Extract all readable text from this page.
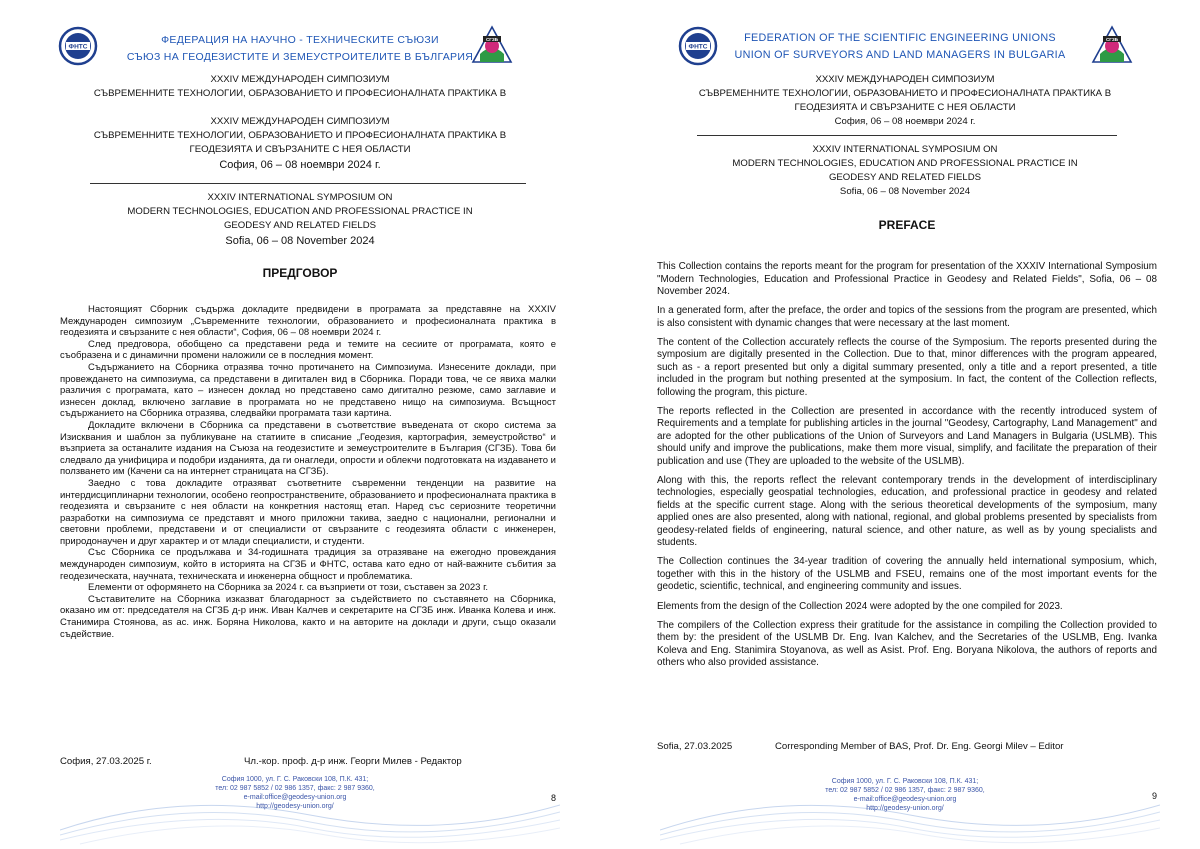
ФНТС
ФЕДЕРАЦИЯ НА НАУЧНО - ТЕХНИЧЕСКИТЕ СЪЮЗИ
СЪЮЗ НА ГЕОДЕЗИСТИТЕ И ЗЕМЕУСТРОИТЕЛИТЕ В БЪЛГАРИЯ
СГЗБ
XXXIV МЕЖДУНАРОДЕН СИМПОЗИУМ
СЪВРЕМЕННИТЕ ТЕХНОЛОГИИ, ОБРАЗОВАНИЕТО И ПРОФЕСИОНАЛНАТА ПРАКТИКА В
XXXIV МЕЖДУНАРОДЕН СИМПОЗИУМ
СЪВРЕМЕННИТЕ ТЕХНОЛОГИИ, ОБРАЗОВАНИЕТО И ПРОФЕСИОНАЛНАТА ПРАКТИКА В
ГЕОДЕЗИЯТА И СВЪРЗАНИТЕ С НЕЯ ОБЛАСТИ
София, 06 – 08 ноември 2024 г.
XXXIV INTERNATIONAL SYMPOSIUM ON
MODERN TECHNOLOGIES, EDUCATION AND PROFESSIONAL PRACTICE IN
GEODESY AND RELATED FIELDS
Sofia, 06 – 08 November 2024
ПРЕДГОВОР

Настоящият Сборник съдържа докладите предвидени в програмата за представяне на XXXIV Международен симпозиум „Съвременните технологии, образованието и професионалната практика в геодезията и свързаните с нея области“, София, 06 – 08 ноември 2024 г.

След предговора, обобщено са представени реда и темите на сесиите от програмата, която е съобразена и с динамични промени наложили се в последния момент.

Съдържанието на Сборника отразява точно протичането на Симпозиума. Изнесените доклади, при провеждането на симпозиума, са представени в дигитален вид в Сборника. Поради това, че се явиха малки различия с програмата, като – изнесен доклад но представено само дигитално резюме, само заглавие и изнесен доклад, включено заглавие в програмата но не представено нищо на симпозиума. Всъщност съдържанието на Сборника отразява, следвайки програмата тази картина.

Докладите включени в Сборника са представени в съответствие въведената от скоро система за Изисквания и шаблон за публикуване на статиите в списание „Геодезия, картография, земеустройство“ и възприета за останалите издания на Съюза на геодезистите и земеустроителите в България (СГЗБ). Това би следвало да унифицира и подобри изданията, да ги онагледи, опрости и облекчи подготовката на издаването и ползването им (Качени са на интернет страницата на СГЗБ).

Заедно с това докладите отразяват съответните съвременни тенденции на развитие на интердисциплинарни технологии, особено геопространствените, образованието и професионалната практика в геодезията и свързаните с нея области на конкретния настоящ етап. Наред със сериозните теоретични разработки на симпозиума се представят и много приложни такива, заедно с национални, регионални и световни проблеми, представени и от специалисти от свързаните с геодезията области с инженерен, природонаучен и друг характер и от млади специалисти, и студенти.

Със Сборника се продължава и 34-годишната традиция за отразяване на ежегодно провеждания международен симпозиум, който в историята на СГЗБ и ФНТС, остава като едно от най-важните събития за геодезическата, научната, техническата и инженерна общност и проблематика.

Елементи от оформянето на Сборника за 2024 г. са възприети от този, съставен за 2023 г.

Съставителите на Сборника изказват благодарност за съдействието по съставянето на Сборника, оказано им от: председателя на СГЗБ д-р инж. Иван Калчев и секретарите на СГЗБ инж. Иванка Колева и инж. Станимира Стоянова, as ас. инж. Боряна Николова, както и на авторите на доклади и други, също оказали съдействие.

София, 27.03.2025 г.	Чл.-кор. проф. д-р инж. Георги Милев - Редактор
София 1000, ул. Г. С. Раковски 108, П.К. 431;
тел: 02 987 5852 / 02 986 1357, факс: 2 987 9360,
e-mail:office@geodesy-union.org
http://geodesy-union.org/
8
ФНТС
FEDERATION OF THE SCIENTIFIC ENGINEERING UNIONS
UNION OF SURVEYORS AND LAND MANAGERS IN BULGARIA
СГЗБ
XXXIV МЕЖДУНАРОДЕН СИМПОЗИУМ
СЪВРЕМЕННИТЕ ТЕХНОЛОГИИ, ОБРАЗОВАНИЕТО И ПРОФЕСИОНАЛНАТА ПРАКТИКА В
ГЕОДЕЗИЯТА И СВЪРЗАНИТЕ С НЕЯ ОБЛАСТИ
София, 06 – 08 ноември 2024 г.
XXXIV INTERNATIONAL SYMPOSIUM ON
MODERN TECHNOLOGIES, EDUCATION AND PROFESSIONAL PRACTICE IN
GEODESY AND RELATED FIELDS
Sofia, 06 – 08 November 2024
PREFACE

This Collection contains the reports meant for the program for presentation of the XXXIV International Symposium "Modern Technologies, Education and Professional Practice in Geodesy and Related Fields", Sofia, 06 – 08 November 2024.

In a generated form, after the preface, the order and topics of the sessions from the program are presented, which is also consistent with dynamic changes that were necessary at the last moment.

The content of the Collection accurately reflects the course of the Symposium. The reports presented during the symposium are digitally presented in the Collection. Due to that, minor differences with the program appeared, such as - a report presented but only a digital summary presented, only a title and a report presented, a title included in the program but nothing presented at the symposium. In fact, the content of the Collection reflects, following the program, this picture.

The reports reflected in the Collection are presented in accordance with the recently introduced system of Requirements and a template for publishing articles in the journal "Geodesy, Cartography, Land Management" and are adopted for the other publications of the Union of Surveyors and Land Managers in Bulgaria (USLMB). This should unify and improve the publications, make them more visual, simplify, and facilitate the preparation of their publication and use (They are uploaded to the website of the USLMB).

Along with this, the reports reflect the relevant contemporary trends in the development of interdisciplinary technologies, especially geospatial technologies, education, and professional practice in geodesy and related fields at the specific current stage. Along with the serious theoretical developments of the symposium, many applied ones are also presented, along with national, regional, and global problems presented by specialists from geodesy-related fields of engineering, natural science, and other nature, as well as by young specialists and students.

The Collection continues the 34-year tradition of covering the annually held international symposium, which, together with this in the history of the USLMB and FSEU, remains one of the most important events for the geodetic, scientific, technical, and engineering community and issues.

Elements from the design of the Collection 2024 were adopted by the one compiled for 2023.

The compilers of the Collection express their gratitude for the assistance in compiling the Collection provided to them by: the president of the USLMB Dr. Eng. Ivan Kalchev, and the Secretaries of the USLMB, Eng. Ivanka Koleva and Eng. Stanimira Stoyanova, as well as Asist. Prof. Eng. Boryana Nikolova, the authors of reports and others who also provided assistance.

Sofia, 27.03.2025	Corresponding Member of BAS, Prof. Dr. Eng. Georgi Milev – Editor
София 1000, ул. Г. С. Раковски 108, П.К. 431;
тел: 02 987 5852 / 02 986 1357, факс: 2 987 9360,
e-mail:office@geodesy-union.org
http://geodesy-union.org/
9
